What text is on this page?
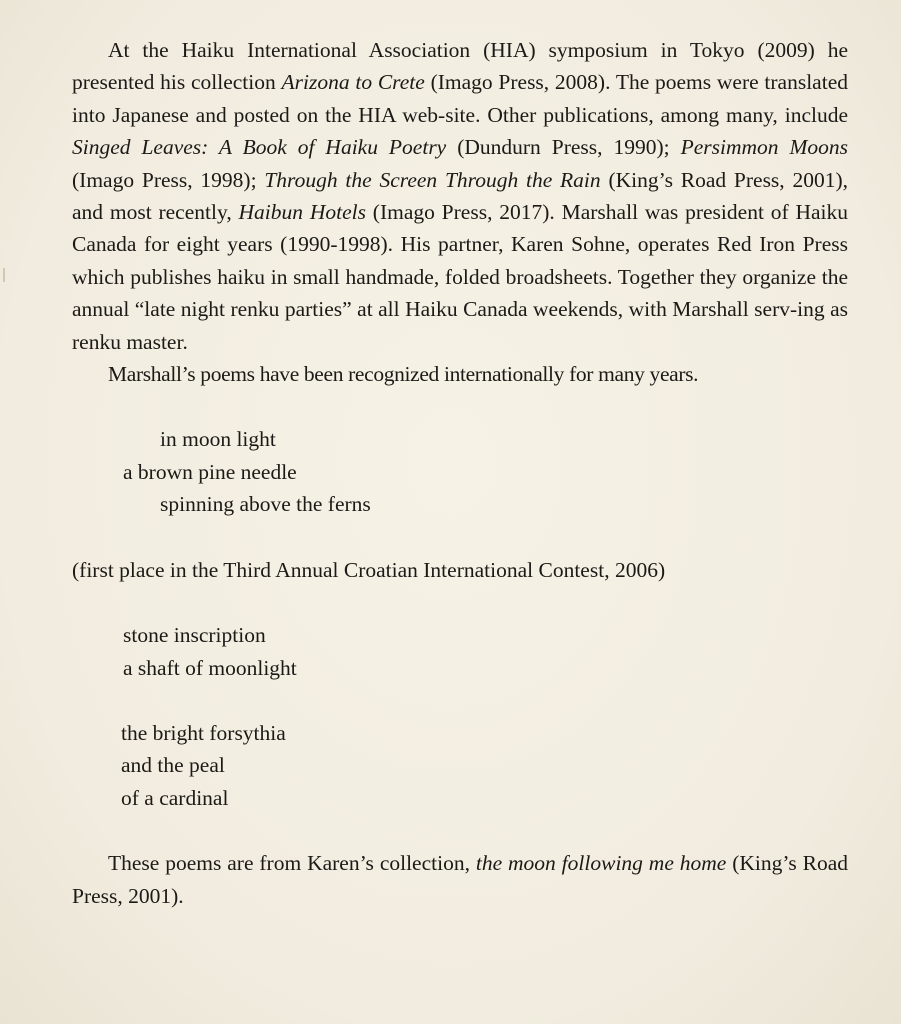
At the Haiku International Association (HIA) symposium in Tokyo (2009) he presented his collection Arizona to Crete (Imago Press, 2008). The poems were translated into Japanese and posted on the HIA web-site. Other publications, among many, include Singed Leaves: A Book of Haiku Poetry (Dundurn Press, 1990); Persimmon Moons (Imago Press, 1998); Through the Screen Through the Rain (King’s Road Press, 2001), and most recently, Haibun Hotels (Imago Press, 2017). Marshall was president of Haiku Canada for eight years (1990-1998). His partner, Karen Sohne, operates Red Iron Press which publishes haiku in small handmade, folded broadsheets. Together they organize the annual “late night renku parties” at all Haiku Canada weekends, with Marshall serv-ing as renku master.

Marshall’s poems have been recognized internationally for many years.

in moon light
a brown pine needle
spinning above the ferns

(first place in the Third Annual Croatian International Contest, 2006)

stone inscription
a shaft of moonlight
the bright forsythia
and the peal
of a cardinal

These poems are from Karen’s collection, the moon following me home (King’s Road Press, 2001).
